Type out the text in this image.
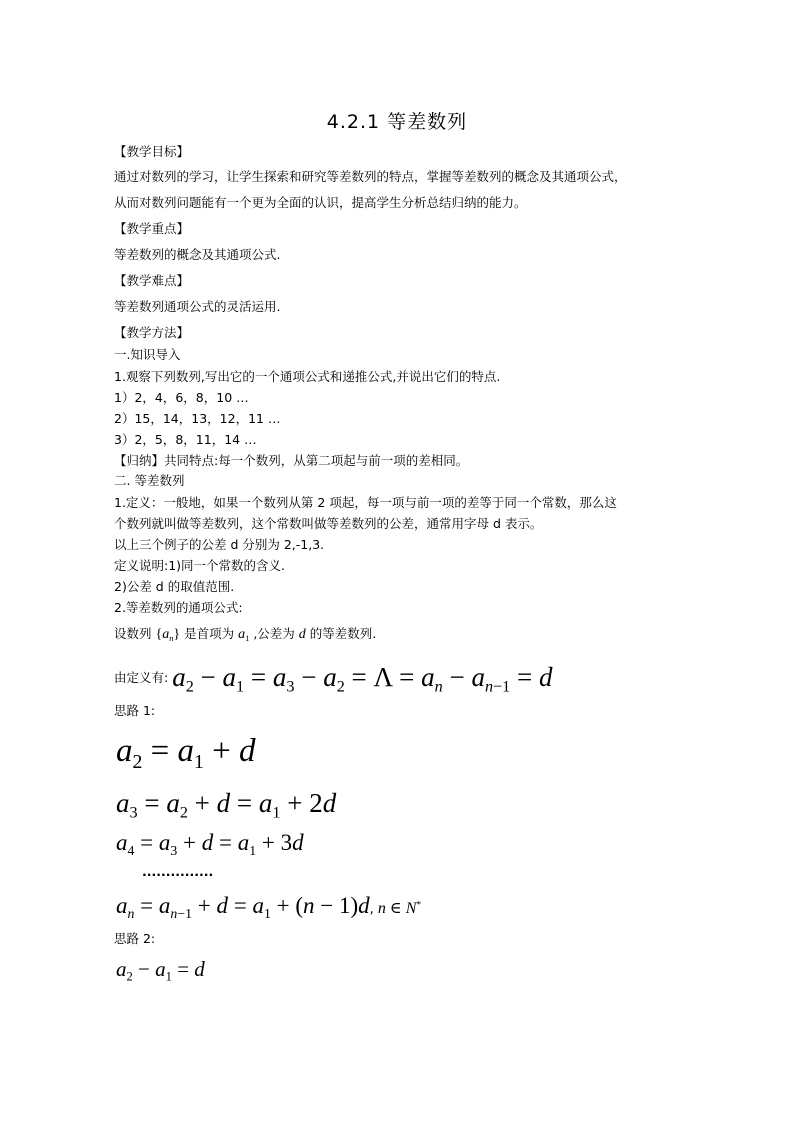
4.2.1 等差数列
【教学目标】
通过对数列的学习，让学生探索和研究等差数列的特点，掌握等差数列的概念及其通项公式，
从而对数列问题能有一个更为全面的认识，提高学生分析总结归纳的能力。
【教学重点】
等差数列的概念及其通项公式.
【教学难点】
等差数列通项公式的灵活运用.
【教学方法】
一.知识导入
1.观察下列数列,写出它的一个通项公式和递推公式,并说出它们的特点.
1）2，4，6，8，10 …
2）15，14，13，12，11 …
3）2，5，8，11，14 …
【归纳】共同特点:每一个数列，从第二项起与前一项的差相同。
二. 等差数列
1.定义：一般地，如果一个数列从第 2 项起，每一项与前一项的差等于同一个常数，那么这
个数列就叫做等差数列，这个常数叫做等差数列的公差，通常用字母 d 表示。
以上三个例子的公差 d 分别为 2,-1,3.
定义说明:1)同一个常数的含义.
2)公差 d 的取值范围.
2.等差数列的通项公式:
设数列 $\{a_n\}$ 是首项为 $a_1$ ,公差为 d 的等差数列.
由定义有: $a_2 - a_1 = a_3 - a_2 = \Lambda = a_n - a_{n-1} = d$
思路 1:
$a_2 = a_1 + d$
$a_3 = a_2 + d = a_1 + 2d$
$a_4 = a_3 + d = a_1 + 3d$
...............
$a_n = a_{n-1} + d = a_1 + (n - 1)d$, n ∈ N*
思路 2:
$a_2 - a_1 = d$
